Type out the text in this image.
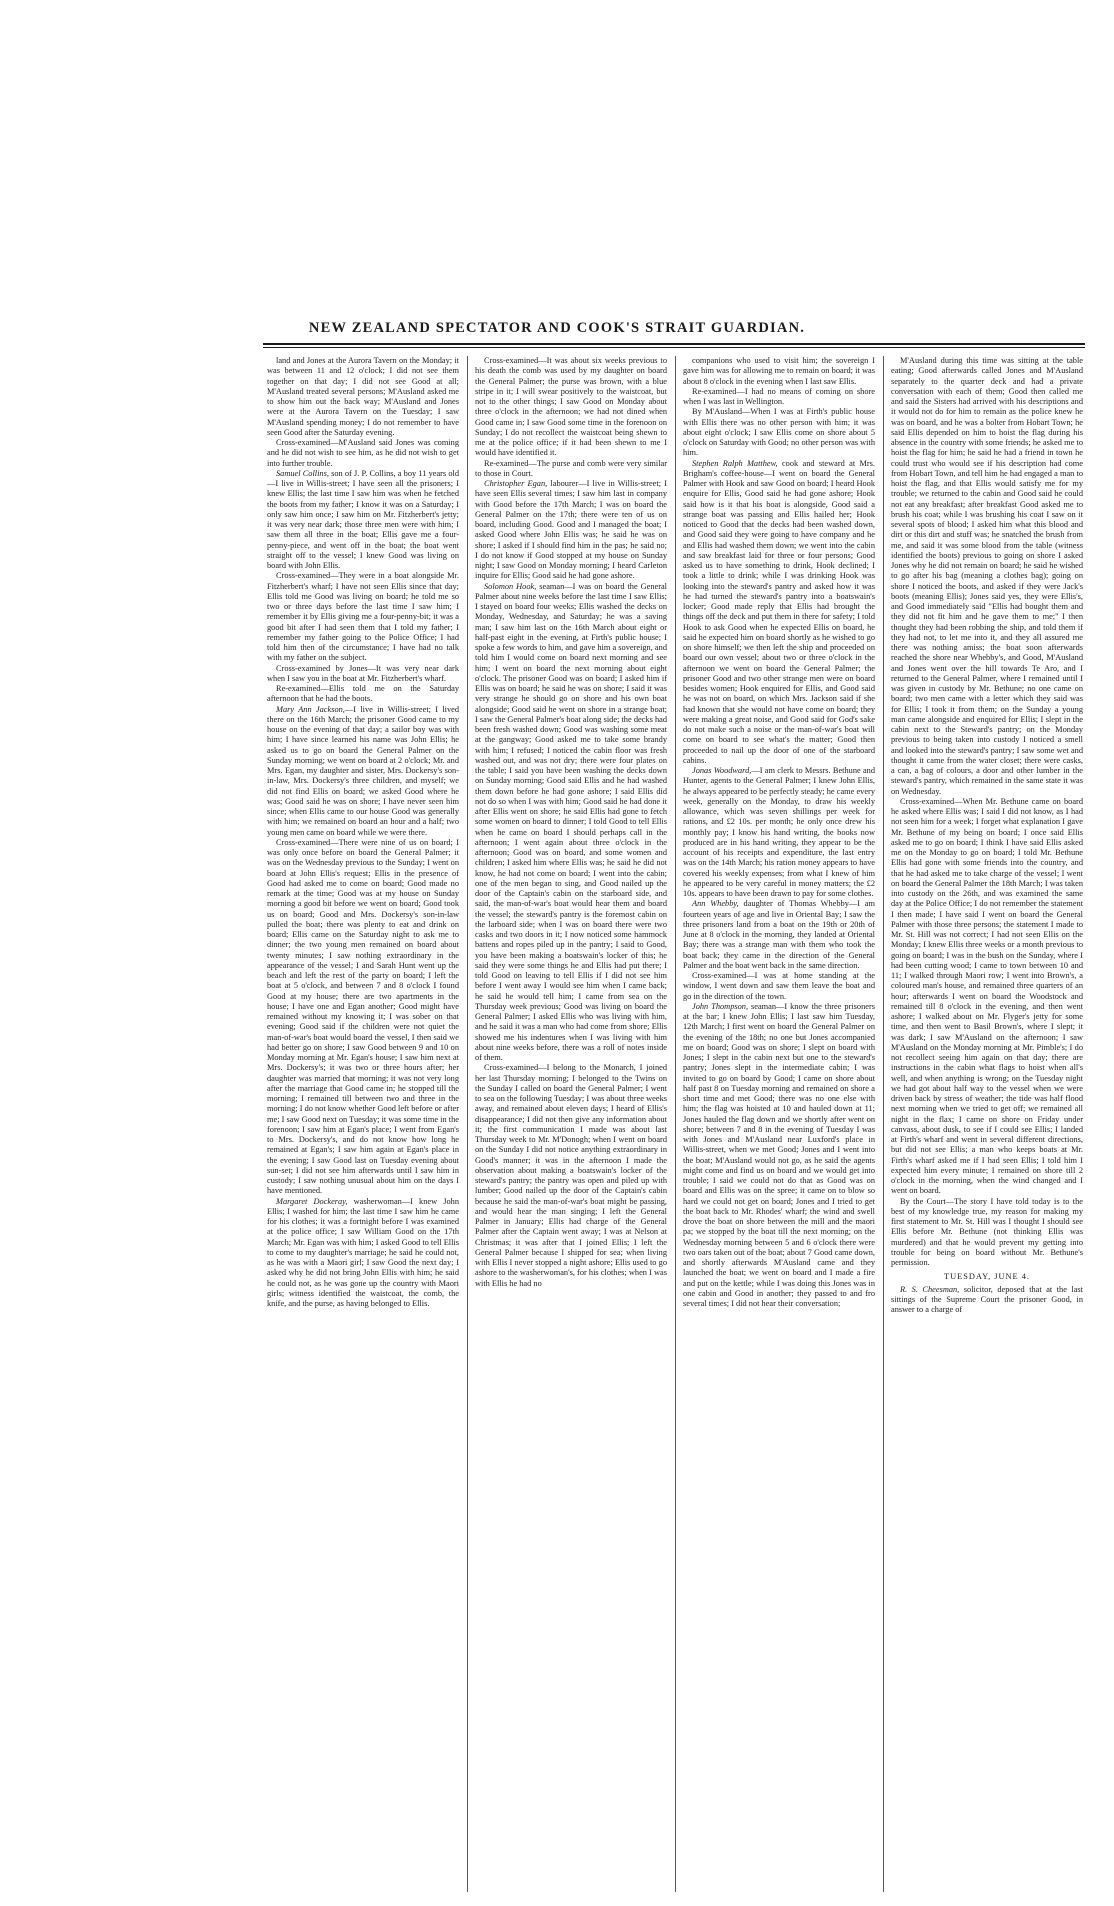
NEW ZEALAND SPECTATOR AND COOK'S STRAIT GUARDIAN.

land and Jones at the Aurora Tavern on the Monday; it was between 11 and 12 o'clock; I did not see them together on that day; I did not see Good at all; M'Ausland treated several persons; M'Ausland asked me to show him out the back way; M'Ausland and Jones were at the Aurora Tavern on the Tuesday; I saw M'Ausland spending money; I do not remember to have seen Good after the Saturday evening.

Cross-examined—M'Ausland said Jones was coming and he did not wish to see him, as he did not wish to get into further trouble.

Samuel Collins, son of J. P. Collins, a boy 11 years old—I live in Willis-street; I have seen all the prisoners; I knew Ellis; the last time I saw him was when he fetched the boots from my father; I know it was on a Saturday; I only saw him once; I saw him on Mr. Fitzherbert's jetty; it was very near dark; those three men were with him; I saw them all three in the boat; Ellis gave me a four-penny-piece, and went off in the boat; the boat went straight off to the vessel; I knew Good was living on board with John Ellis.

Cross-examined—They were in a boat alongside Mr. Fitzherbert's wharf; I have not seen Ellis since that day; Ellis told me Good was living on board; he told me so two or three days before the last time I saw him; I remember it by Ellis giving me a four-penny-bit; it was a good bit after I had seen them that I told my father; I remember my father going to the Police Office; I had told him then of the circumstance; I have had no talk with my father on the subject.

Cross-examined by Jones—It was very near dark when I saw you in the boat at Mr. Fitzherbert's wharf.

Re-examined—Ellis told me on the Saturday afternoon that he had the boots.

Mary Ann Jackson,—I live in Willis-street; I lived there on the 16th March; the prisoner Good came to my house on the evening of that day; a sailor boy was with him; I have since learned his name was John Ellis; he asked us to go on board the General Palmer on the Sunday morning; we went on board at 2 o'clock; Mr. and Mrs. Egan, my daughter and sister, Mrs. Dockersy's son-in-law, Mrs. Dockersy's three children, and myself; we did not find Ellis on board; we asked Good where he was; Good said he was on shore; I have never seen him since; when Ellis came to our house Good was generally with him; we remained on board an hour and a half; two young men came on board while we were there.

Cross-examined—There were nine of us on board; I was only once before on board the General Palmer; it was on the Wednesday previous to the Sunday; I went on board at John Ellis's request; Ellis in the presence of Good had asked me to come on board; Good made no remark at the time; Good was at my house on Sunday morning a good bit before we went on board; Good took us on board; Good and Mrs. Dockersy's son-in-law pulled the boat; there was plenty to eat and drink on board; Ellis came on the Saturday night to ask me to dinner; the two young men remained on board about twenty minutes; I saw nothing extraordinary in the appearance of the vessel; I and Sarah Hunt went up the beach and left the rest of the party on board; I left the boat at 5 o'clock, and between 7 and 8 o'clock I found Good at my house; there are two apartments in the house; I have one and Egan another; Good might have remained without my knowing it; I was sober on that evening; Good said if the children were not quiet the man-of-war's boat would board the vessel, I then said we had better go on shore; I saw Good between 9 and 10 on Monday morning at Mr. Egan's house; I saw him next at Mrs. Dockersy's; it was two or three hours after; her daughter was married that morning; it was not very long after the marriage that Good came in; he stopped till the morning; I remained till between two and three in the morning; I do not know whether Good left before or after me; I saw Good next on Tuesday; it was some time in the forenoon; I saw him at Egan's place; I went from Egan's to Mrs. Dockersy's, and do not know how long he remained at Egan's; I saw him again at Egan's place in the evening; I saw Good last on Tuesday evening about sun-set; I did not see him afterwards until I saw him in custody; I saw nothing unusual about him on the days I have mentioned.

Margaret Dockeray, washerwoman—I knew John Ellis; I washed for him; the last time I saw him he came for his clothes; it was a fortnight before I was examined at the police office; I saw William Good on the 17th March; Mr. Egan was with him; I asked Good to tell Ellis to come to my daughter's marriage; he said he could not, as he was with a Maori girl; I saw Good the next day; I asked why he did not bring John Ellis with him; he said he could not, as he was gone up the country with Maori girls; witness identified the waistcoat, the comb, the knife, and the purse, as having belonged to Ellis.

Cross-examined—It was about six weeks previous to his death the comb was used by my daughter on board the General Palmer; the purse was brown, with a blue stripe in it; I will swear positively to the waistcoat, but not to the other things; I saw Good on Monday about three o'clock in the afternoon; we had not dined when Good came in; I saw Good some time in the forenoon on Sunday; I do not recollect the waistcoat being shewn to me at the police office; if it had been shewn to me I would have identified it.

Re-examined—The purse and comb were very similar to those in Court.

Christopher Egan, labourer—I live in Willis-street; I have seen Ellis several times; I saw him last in company with Good before the 17th March; I was on board the General Palmer on the 17th; there were ten of us on board, including Good. Good and I managed the boat; I asked Good where John Ellis was; he said he was on shore; I asked if I should find him in the pas; he said no; I do not know if Good stopped at my house on Sunday night; I saw Good on Monday morning; I heard Carleton inquire for Ellis; Good said he had gone ashore.

Solomon Hook, seaman—I was on board the General Palmer about nine weeks before the last time I saw Ellis; I stayed on board four weeks; Ellis washed the decks on Monday, Wednesday, and Saturday; he was a saving man; I saw him last on the 16th March about eight or half-past eight in the evening, at Firth's public house; I spoke a few words to him, and gave him a sovereign, and told him I would come on board next morning and see him; I went on board the next morning about eight o'clock. The prisoner Good was on board; I asked him if Ellis was on board; he said he was on shore; I said it was very strange he should go on shore and his own boat alongside; Good said he went on shore in a strange boat; I saw the General Palmer's boat along side; the decks had been fresh washed down; Good was washing some meat at the gangway; Good asked me to take some brandy with him; I refused; I noticed the cabin floor was fresh washed out, and was not dry; there were four plates on the table; I said you have been washing the decks down on Sunday morning; Good said Ellis and he had washed them down before he had gone ashore; I said Ellis did not do so when I was with him; Good said he had done it after Ellis went on shore; he said Ellis had gone to fetch some women on board to dinner; I told Good to tell Ellis when he came on board I should perhaps call in the afternoon; I went again about three o'clock in the afternoon; Good was on board, and some women and children; I asked him where Ellis was; he said he did not know, he had not come on board; I went into the cabin; one of the men began to sing, and Good nailed up the door of the Captain's cabin on the starboard side, and said, the man-of-war's boat would hear them and board the vessel; the steward's pantry is the foremost cabin on the larboard side; when I was on board there were two casks and two doors in it; I now noticed some hammock battens and ropes piled up in the pantry; I said to Good, you have been making a boatswain's locker of this; he said they were some things he and Ellis had put there; I told Good on leaving to tell Ellis if I did not see him before I went away I would see him when I came back; he said he would tell him; I came from sea on the Thursday week previous; Good was living on board the General Palmer; I asked Ellis who was living with him, and he said it was a man who had come from shore; Ellis showed me his indentures when I was living with him about nine weeks before, there was a roll of notes inside of them.

Cross-examined—I belong to the Monarch, I joined her last Thursday morning; I belonged to the Twins on the Sunday I called on board the General Palmer; I went to sea on the following Tuesday; I was about three weeks away, and remained about eleven days; I heard of Ellis's disappearance; I did not then give any information about it; the first communication I made was about last Thursday week to Mr. M'Donogh; when I went on board on the Sunday I did not notice anything extraordinary in Good's manner; it was in the afternoon I made the observation about making a boatswain's locker of the steward's pantry; the pantry was open and piled up with lumber; Good nailed up the door of the Captain's cabin because he said the man-of-war's boat might be passing, and would hear the man singing; I left the General Palmer in January; Ellis had charge of the General Palmer after the Captain went away; I was at Nelson at Christmas; it was after that I joined Ellis; I left the General Palmer because I shipped for sea; when living with Ellis I never stopped a night ashore; Ellis used to go ashore to the washerwoman's, for his clothes; when I was with Ellis he had no

companions who used to visit him; the sovereign I gave him was for allowing me to remain on board; it was about 8 o'clock in the evening when I last saw Ellis.

Re-examined—I had no means of coming on shore when I was last in Wellington.

By M'Ausland—When I was at Firth's public house with Ellis there was no other person with him; it was about eight o'clock; I saw Ellis come on shore about 5 o'clock on Saturday with Good; no other person was with him.

Stephen Ralph Matthew, cook and steward at Mrs. Brigham's coffee-house—I went on board the General Palmer with Hook and saw Good on board; I heard Hook enquire for Ellis, Good said he had gone ashore; Hook said how is it that his boat is alongside, Good said a strange boat was passing and Ellis hailed her; Hook noticed to Good that the decks had been washed down, and Good said they were going to have company and he and Ellis had washed them down; we went into the cabin and saw breakfast laid for three or four persons; Good asked us to have something to drink, Hook declined; I took a little to drink; while I was drinking Hook was looking into the steward's pantry and asked how it was he had turned the steward's pantry into a boatswain's locker; Good made reply that Ellis had brought the things off the deck and put them in there for safety; I told Hook to ask Good when he expected Ellis on board, he said he expected him on board shortly as he wished to go on shore himself; we then left the ship and proceeded on board our own vessel; about two or three o'clock in the afternoon we went on board the General Palmer; the prisoner Good and two other strange men were on board besides women; Hook enquired for Ellis, and Good said he was not on board, on which Mrs. Jackson said if she had known that she would not have come on board; they were making a great noise, and Good said for God's sake do not make such a noise or the man-of-war's boat will come on board to see what's the matter; Good then proceeded to nail up the door of one of the starboard cabins.

Jonas Woodward,—I am clerk to Messrs. Bethune and Hunter, agents to the General Palmer; I knew John Ellis, he always appeared to be perfectly steady; he came every week, generally on the Monday, to draw his weekly allowance, which was seven shillings per week for rations, and £2 10s. per month; he only once drew his monthly pay; I know his hand writing, the books now produced are in his hand writing, they appear to be the account of his receipts and expenditure, the last entry was on the 14th March; his ration money appears to have covered his weekly expenses; from what I knew of him he appeared to be very careful in money matters; the £2 10s. appears to have been drawn to pay for some clothes.

Ann Whebby, daughter of Thomas Whebby—I am fourteen years of age and live in Oriental Bay; I saw the three prisoners land from a boat on the 19th or 20th of June at 8 o'clock in the morning, they landed at Oriental Bay; there was a strange man with them who took the boat back; they came in the direction of the General Palmer and the boat went back in the same direction.

Cross-examined—I was at home standing at the window, I went down and saw them leave the boat and go in the direction of the town.

John Thompson, seaman—I know the three prisoners at the bar; I knew John Ellis; I last saw him Tuesday, 12th March; I first went on board the General Palmer on the evening of the 18th; no one but Jones accompanied me on board; Good was on shore; I slept on board with Jones; I slept in the cabin next but one to the steward's pantry; Jones slept in the intermediate cabin; I was invited to go on board by Good; I came on shore about half past 8 on Tuesday morning and remained on shore a short time and met Good; there was no one else with him; the flag was hoisted at 10 and hauled down at 11; Jones hauled the flag down and we shortly after went on shore; between 7 and 8 in the evening of Tuesday I was with Jones and M'Ausland near Luxford's place in Willis-street, when we met Good; Jones and I went into the boat; M'Ausland would not go, as he said the agents might come and find us on board and we would get into trouble; I said we could not do that as Good was on board and Ellis was on the spree; it came on to blow so hard we could not get on board; Jones and I tried to get the boat back to Mr. Rhodes' wharf; the wind and swell drove the boat on shore between the mill and the maori pa; we stopped by the boat till the next morning; on the Wednesday morning between 5 and 6 o'clock there were two oars taken out of the boat; about 7 Good came down, and shortly afterwards M'Ausland came and they launched the boat; we went on board and I made a fire and put on the kettle; while I was doing this Jones was in one cabin and Good in another; they passed to and fro several times; I did not hear their conversation;

M'Ausland during this time was sitting at the table eating; Good afterwards called Jones and M'Ausland separately to the quarter deck and had a private conversation with each of them; Good then called me and said the Sisters had arrived with his descriptions and it would not do for him to remain as the police knew he was on board, and he was a bolter from Hobart Town; he said Ellis depended on him to hoist the flag during his absence in the country with some friends; he asked me to hoist the flag for him; he said he had a friend in town he could trust who would see if his description had come from Hobart Town, and tell him he had engaged a man to hoist the flag, and that Ellis would satisfy me for my trouble; we returned to the cabin and Good said he could not eat any breakfast; after breakfast Good asked me to brush his coat; while I was brushing his coat I saw on it several spots of blood; I asked him what this blood and dirt or this dirt and stuff was; he snatched the brush from me, and said it was some blood from the table (witness identified the boots) previous to going on shore I asked Jones why he did not remain on board; he said he wished to go after his bag (meaning a clothes bag); going on shore I noticed the boots, and asked if they were Jack's boots (meaning Ellis); Jones said yes, they were Ellis's, and Good immediately said "Ellis had bought them and they did not fit him and he gave them to me;" I then thought they had been robbing the ship, and told them if they had not, to let me into it, and they all assured me there was nothing amiss; the boat soon afterwards reached the shore near Whebby's, and Good, M'Ausland and Jones went over the hill towards Te Aro, and I returned to the General Palmer, where I remained until I was given in custody by Mr. Bethune; no one came on board; two men came with a letter which they said was for Ellis; I took it from them; on the Sunday a young man came alongside and enquired for Ellis; I slept in the cabin next to the Steward's pantry; on the Monday previous to being taken into custody I noticed a smell and looked into the steward's pantry; I saw some wet and thought it came from the water closet; there were casks, a can, a bag of colours, a door and other lumber in the steward's pantry, which remained in the same state it was on Wednesday.

Cross-examined—When Mr. Bethune came on board he asked where Ellis was; I said I did not know, as I had not seen him for a week; I forget what explanation I gave Mr. Bethune of my being on board; I once said Ellis asked me to go on board; I think I have said Ellis asked me on the Monday to go on board; I told Mr. Bethune Ellis had gone with some friends into the country, and that he had asked me to take charge of the vessel; I went on board the General Palmer the 18th March; I was taken into custody on the 26th, and was examined the same day at the Police Office; I do not remember the statement I then made; I have said I went on board the General Palmer with those three persons; the statement I made to Mr. St. Hill was not correct; I had not seen Ellis on the Monday; I knew Ellis three weeks or a month previous to going on board; I was in the bush on the Sunday, where I had been cutting wood; I came to town between 10 and 11; I walked through Maori row; I went into Brown's, a coloured man's house, and remained three quarters of an hour; afterwards I went on board the Woodstock and remained till 8 o'clock in the evening, and then went ashore; I walked about on Mr. Flyger's jetty for some time, and then went to Basil Brown's, where I slept; it was dark; I saw M'Ausland on the afternoon; I saw M'Ausland on the Monday morning at Mr. Pimble's; I do not recollect seeing him again on that day; there are instructions in the cabin what flags to hoist when all's well, and when anything is wrong; on the Tuesday night we had got about half way to the vessel when we were driven back by stress of weather; the tide was half flood next morning when we tried to get off; we remained all night in the flax; I came on shore on Friday under canvass, about dusk, to see if I could see Ellis; I landed at Firth's wharf and went in several different directions, but did not see Ellis; a man who keeps boats at Mr. Firth's wharf asked me if I had seen Ellis; I told him I expected him every minute; I remained on shore till 2 o'clock in the morning, when the wind changed and I went on board.

By the Court—The story I have told today is to the best of my knowledge true, my reason for making my first statement to Mr. St. Hill was I thought I should see Ellis before Mr. Bethune (not thinking Ellis was murdered) and that he would prevent my getting into trouble for being on board without Mr. Bethune's permission.

TUESDAY, JUNE 4.

R. S. Cheesman, solicitor, deposed that at the last sittings of the Supreme Court the prisoner Good, in answer to a charge of
